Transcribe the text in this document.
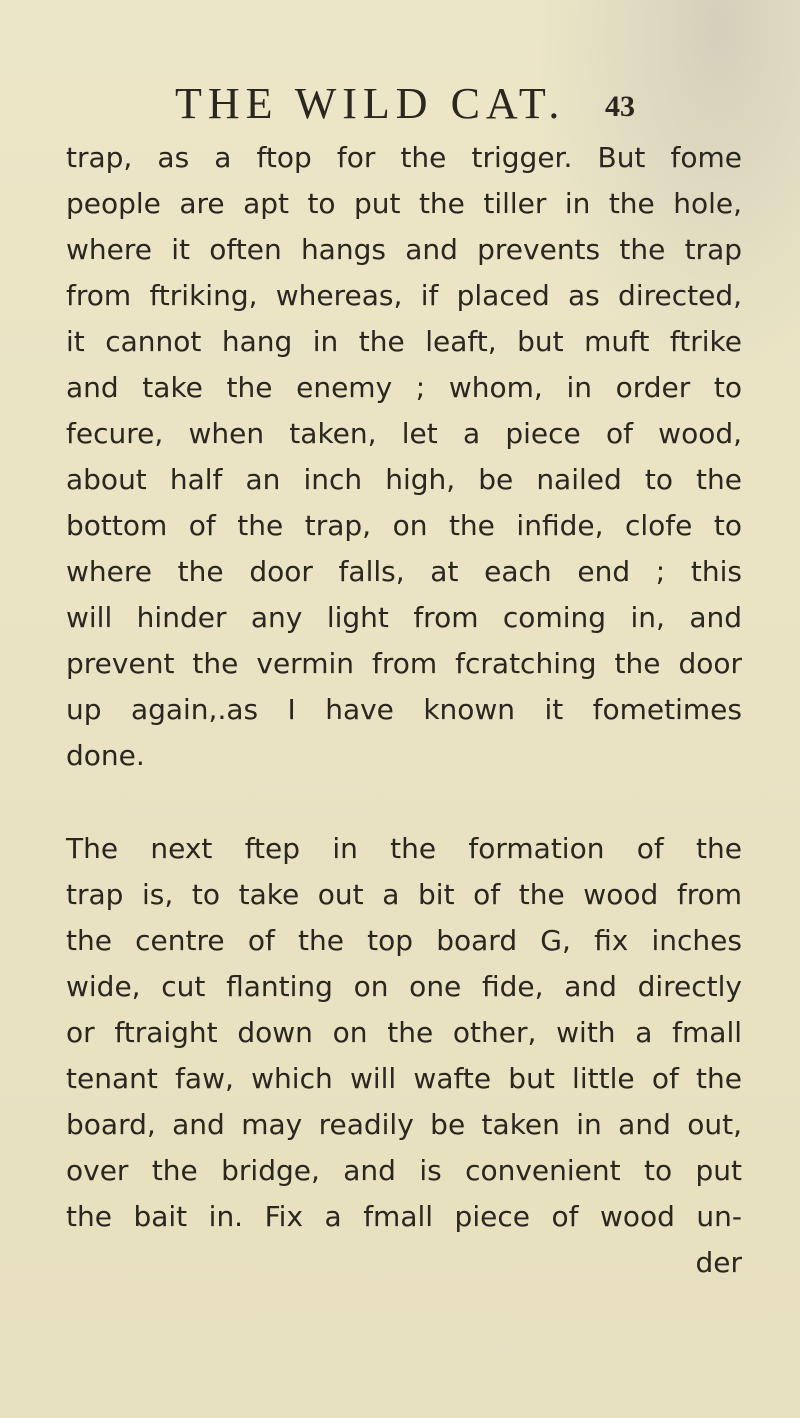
THE WILD CAT. 43
trap, as a ftop for the trigger. But fome
people are apt to put the tiller in the hole,
where it often hangs and prevents the trap
from ftriking, whereas, if placed as directed,
it cannot hang in the leaft, but muft ftrike
and take the enemy ; whom, in order to
fecure, when taken, let a piece of wood,
about half an inch high, be nailed to the
bottom of the trap, on the infide, clofe to
where the door falls, at each end ; this
will hinder any light from coming in, and
prevent the vermin from fcratching the door
up again,.as I have known it fometimes
done.
The next ftep in the formation of the
trap is, to take out a bit of the wood from
the centre of the top board G, fix inches
wide, cut flanting on one fide, and directly
or ftraight down on the other, with a fmall
tenant faw, which will wafte but little of the
board, and may readily be taken in and out,
over the bridge, and is convenient to put
the bait in. Fix a fmall piece of wood un-
der
